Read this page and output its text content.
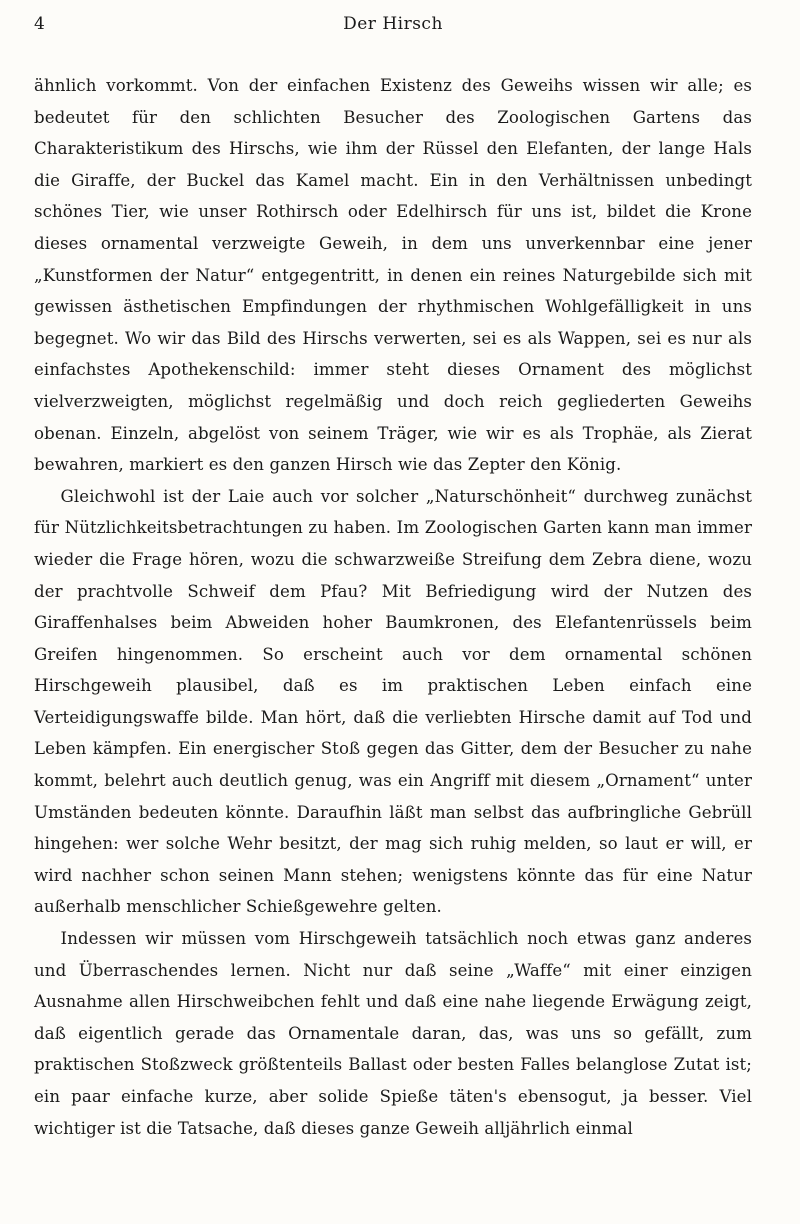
4	Der Hirsch

ähnlich vorkommt. Von der einfachen Existenz des Geweihs wissen wir alle; es bedeutet für den schlichten Besucher des Zoologischen Gartens das Charakteristikum des Hirschs, wie ihm der Rüssel den Elefanten, der lange Hals die Giraffe, der Buckel das Kamel macht. Ein in den Verhältnissen unbedingt schönes Tier, wie unser Rothirsch oder Edelhirsch für uns ist, bildet die Krone dieses ornamental verzweigte Geweih, in dem uns unverkennbar eine jener „Kunstformen der Natur“ entgegentritt, in denen ein reines Naturgebilde sich mit gewissen ästhetischen Empfindungen der rhythmischen Wohlgefälligkeit in uns begegnet. Wo wir das Bild des Hirschs verwerten, sei es als Wappen, sei es nur als einfachstes Apothekenschild: immer steht dieses Ornament des möglichst vielverzweigten, möglichst regelmäßig und doch reich gegliederten Geweihs obenan. Einzeln, abgelöst von seinem Träger, wie wir es als Trophäe, als Zierat bewahren, markiert es den ganzen Hirsch wie das Zepter den König.

Gleichwohl ist der Laie auch vor solcher „Naturschönheit“ durchweg zunächst für Nützlichkeitsbetrachtungen zu haben. Im Zoologischen Garten kann man immer wieder die Frage hören, wozu die schwarzweiße Streifung dem Zebra diene, wozu der prachtvolle Schweif dem Pfau? Mit Befriedigung wird der Nutzen des Giraffenhalses beim Abweiden hoher Baumkronen, des Elefantenrüssels beim Greifen hingenommen. So erscheint auch vor dem ornamental schönen Hirschgeweih plausibel, daß es im praktischen Leben einfach eine Verteidigungswaffe bilde. Man hört, daß die verliebten Hirsche damit auf Tod und Leben kämpfen. Ein energischer Stoß gegen das Gitter, dem der Besucher zu nahe kommt, belehrt auch deutlich genug, was ein Angriff mit diesem „Ornament“ unter Umständen bedeuten könnte. Daraufhin läßt man selbst das aufbringliche Gebrüll hingehen: wer solche Wehr besitzt, der mag sich ruhig melden, so laut er will, er wird nachher schon seinen Mann stehen; wenigstens könnte das für eine Natur außerhalb menschlicher Schießgewehre gelten.

Indessen wir müssen vom Hirschgeweih tatsächlich noch etwas ganz anderes und Überraschendes lernen. Nicht nur daß seine „Waffe“ mit einer einzigen Ausnahme allen Hirschweibchen fehlt und daß eine nahe liegende Erwägung zeigt, daß eigentlich gerade das Ornamentale daran, das, was uns so gefällt, zum praktischen Stoßzweck größtenteils Ballast oder besten Falles belanglose Zutat ist; ein paar einfache kurze, aber solide Spieße täten's ebensogut, ja besser. Viel wichtiger ist die Tatsache, daß dieses ganze Geweih alljährlich einmal
